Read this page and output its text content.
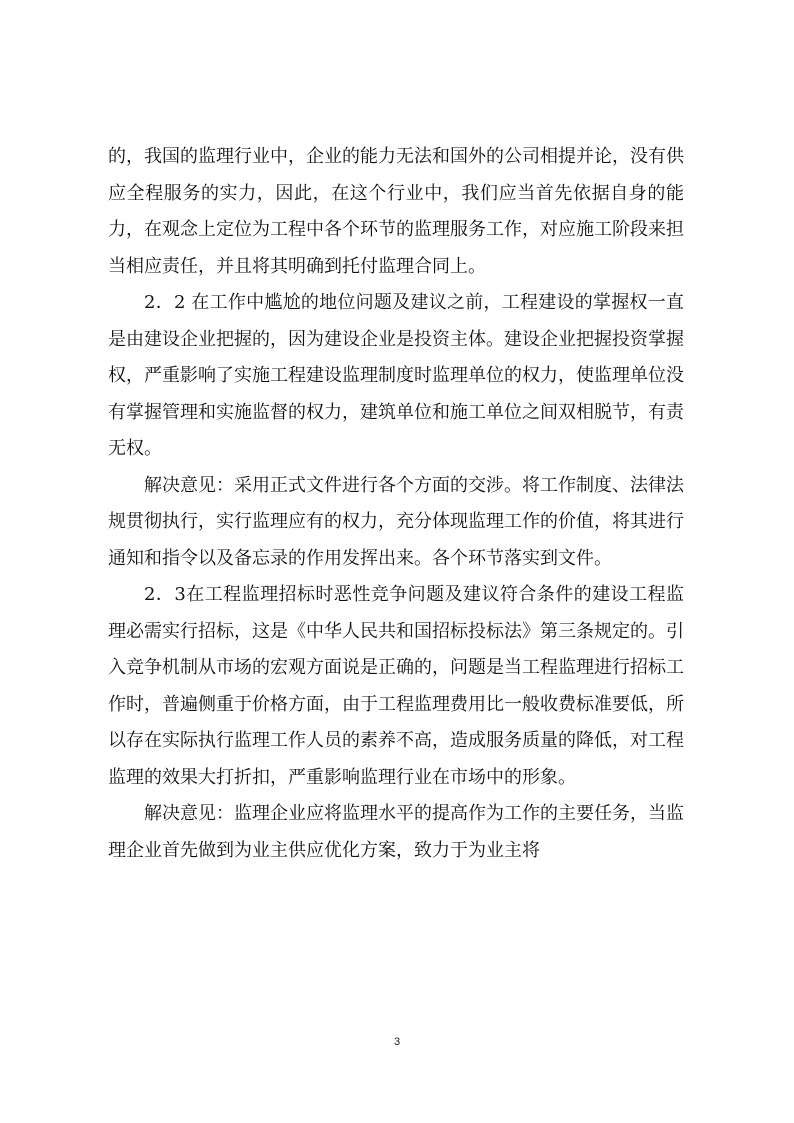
的，我国的监理行业中，企业的能力无法和国外的公司相提并论，没有供应全程服务的实力，因此，在这个行业中，我们应当首先依据自身的能力，在观念上定位为工程中各个环节的监理服务工作，对应施工阶段来担当相应责任，并且将其明确到托付监理合同上。

2．2 在工作中尴尬的地位问题及建议之前，工程建设的掌握权一直是由建设企业把握的，因为建设企业是投资主体。建设企业把握投资掌握权，严重影响了实施工程建设监理制度时监理单位的权力，使监理单位没有掌握管理和实施监督的权力，建筑单位和施工单位之间双相脱节，有责无权。

解决意见：采用正式文件进行各个方面的交涉。将工作制度、法律法规贯彻执行，实行监理应有的权力，充分体现监理工作的价值，将其进行通知和指令以及备忘录的作用发挥出来。各个环节落实到文件。

2．3在工程监理招标时恶性竞争问题及建议符合条件的建设工程监理必需实行招标，这是《中华人民共和国招标投标法》第三条规定的。引入竞争机制从市场的宏观方面说是正确的，问题是当工程监理进行招标工作时，普遍侧重于价格方面，由于工程监理费用比一般收费标准要低，所以存在实际执行监理工作人员的素养不高，造成服务质量的降低，对工程监理的效果大打折扣，严重影响监理行业在市场中的形象。

解决意见：监理企业应将监理水平的提高作为工作的主要任务，当监理企业首先做到为业主供应优化方案，致力于为业主将

3
